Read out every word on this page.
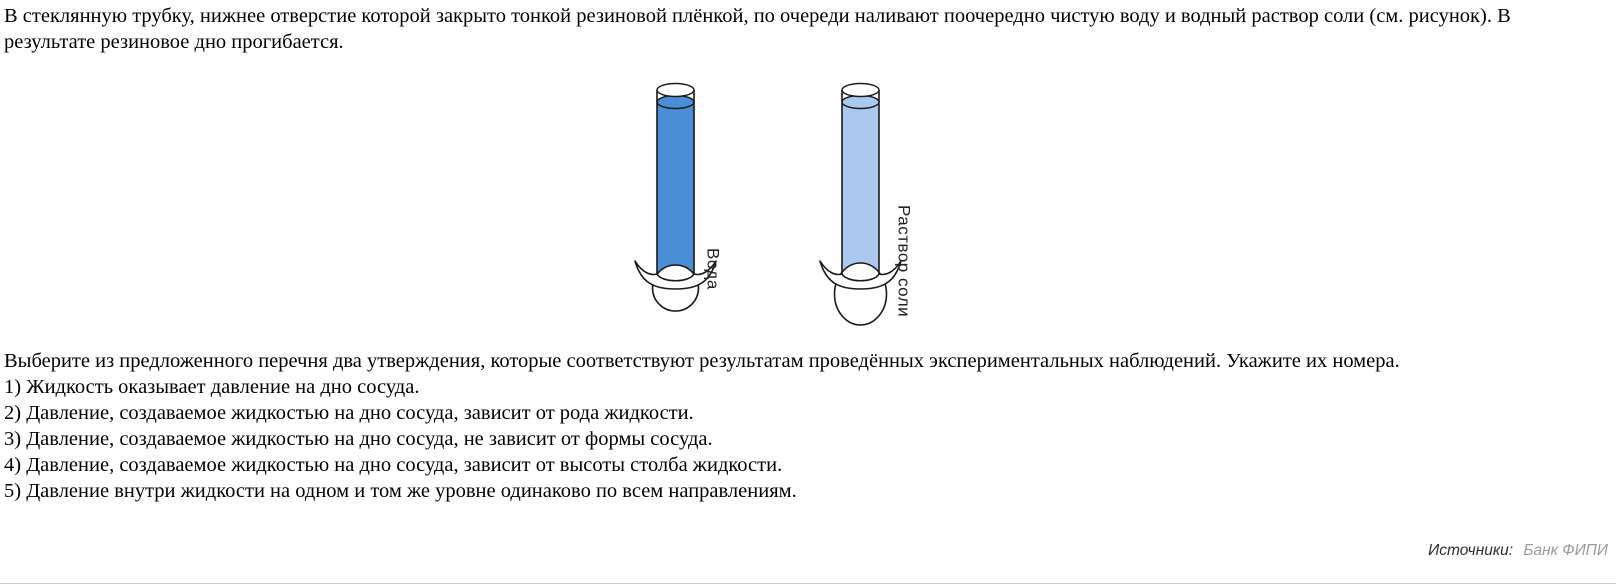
В стеклянную трубку, нижнее отверстие которой закрыто тонкой резиновой плёнкой, по очереди наливают поочередно чистую воду и водный раствор соли (см. рисунок). В результате резиновое дно прогибается.

Вода	Раствор соли

Выберите из предложенного перечня два утверждения, которые соответствуют результатам проведённых экспериментальных наблюдений. Укажите их номера.

1) Жидкость оказывает давление на дно сосуда.
2) Давление, создаваемое жидкостью на дно сосуда, зависит от рода жидкости.
3) Давление, создаваемое жидкостью на дно сосуда, не зависит от формы сосуда.
4) Давление, создаваемое жидкостью на дно сосуда, зависит от высоты столба жидкости.
5) Давление внутри жидкости на одном и том же уровне одинаково по всем направлениям.
Источники: Банк ФИПИ
